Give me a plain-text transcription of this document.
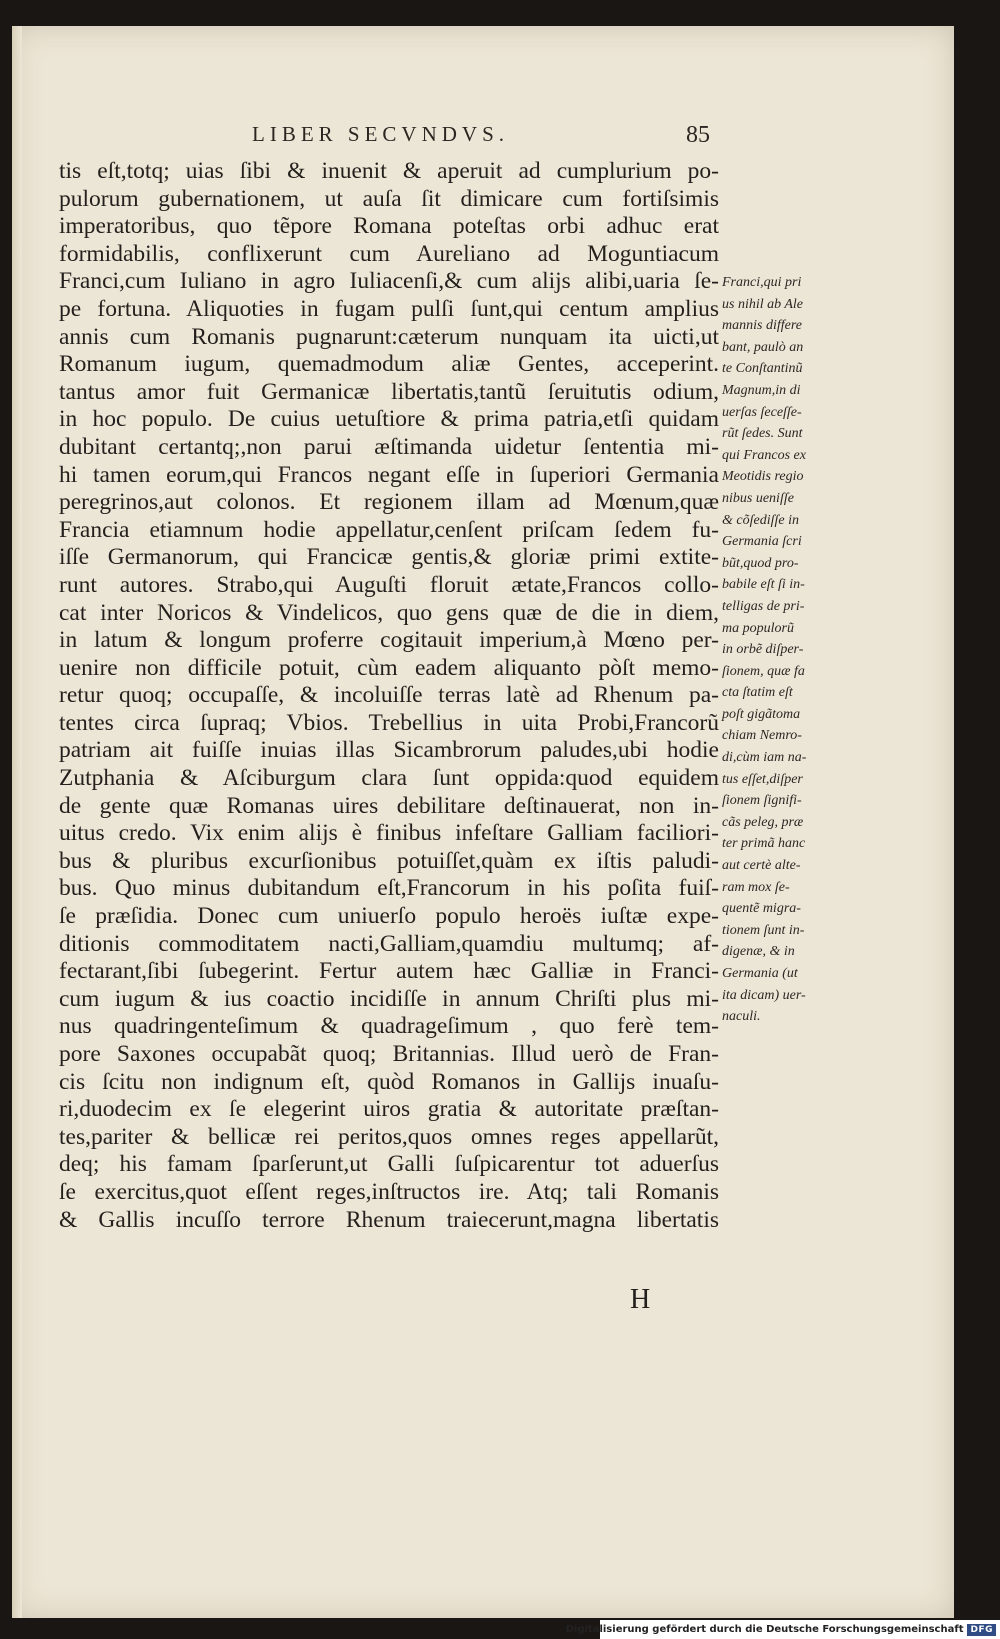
LIBER SECVNDVS.	85
tis eſt,totq; uias ſibi & inuenit & aperuit ad cumplurium po-
pulorum gubernationem, ut auſa ſit dimicare cum fortiſsimis
imperatoribus, quo tẽpore Romana poteſtas orbi adhuc erat
formidabilis, conflixerunt cum Aureliano ad Moguntiacum
Franci,cum Iuliano in agro Iuliacenſi,& cum alijs alibi,uaria ſe-
pe fortuna. Aliquoties in fugam pulſi ſunt,qui centum amplius
annis cum Romanis pugnarunt:cæterum nunquam ita uicti,ut
Romanum iugum, quemadmodum aliæ Gentes, acceperint.
tantus amor fuit Germanicæ libertatis,tantũ ſeruitutis odium,
in hoc populo. De cuius uetuſtiore & prima patria,etſi quidam
dubitant certantq;,non parui æſtimanda uidetur ſententia mi-
hi tamen eorum,qui Francos negant eſſe in ſuperiori Germania
peregrinos,aut colonos. Et regionem illam ad Mœnum,quæ
Francia etiamnum hodie appellatur,cenſent priſcam ſedem fu-
iſſe Germanorum, qui Francicæ gentis,& gloriæ primi extite-
runt autores. Strabo,qui Auguſti floruit ætate,Francos collo-
cat inter Noricos & Vindelicos, quo gens quæ de die in diem,
in latum & longum proferre cogitauit imperium,à Mœno per-
uenire non difficile potuit, cùm eadem aliquanto pòſt memo-
retur quoq; occupaſſe, & incoluiſſe terras latè ad Rhenum pa-
tentes circa ſupraq; Vbios. Trebellius in uita Probi,Francorũ
patriam ait fuiſſe inuias illas Sicambrorum paludes,ubi hodie
Zutphania & Aſciburgum clara ſunt oppida:quod equidem
de gente quæ Romanas uires debilitare deſtinauerat, non in-
uitus credo. Vix enim alijs è finibus infeſtare Galliam faciliori-
bus & pluribus excurſionibus potuiſſet,quàm ex iſtis paludi-
bus. Quo minus dubitandum eſt,Francorum in his poſita fuiſ-
ſe præſidia. Donec cum uniuerſo populo heroës iuſtæ expe-
ditionis commoditatem nacti,Galliam,quamdiu multumq; af-
fectarant,ſibi ſubegerint. Fertur autem hæc Galliæ in Franci-
cum iugum & ius coactio incidiſſe in annum Chriſti plus mi-
nus quadringenteſimum & quadrageſimum , quo ferè tem-
pore Saxones occupabãt quoq; Britannias. Illud uerò de Fran-
cis ſcitu non indignum eſt, quòd Romanos in Gallijs inuaſu-
ri,duodecim ex ſe elegerint uiros gratia & autoritate præſtan-
tes,pariter & bellicæ rei peritos,quos omnes reges appellarũt,
deq; his famam ſparſerunt,ut Galli ſuſpicarentur tot aduerſus
ſe exercitus,quot eſſent reges,inſtructos ire. Atq; tali Romanis
& Gallis incuſſo terrore Rhenum traiecerunt,magna libertatis
Franci,qui pri
us nihil ab Ale
mannis differe
bant, paulò an
te Conſtantinũ
Magnum,in di
uerſas ſeceſſe-
rũt ſedes. Sunt
qui Francos ex
Meotidis regio
nibus ueniſſe
& cõſediſſe in
Germania ſcri
bũt,quod pro-
babile eſt ſi in-
telligas de pri-
ma populorũ
in orbẽ diſper-
ſionem, quæ fa
cta ſtatim eſt
poſt gigãtoma
chiam Nemro-
di,cùm iam na-
tus eſſet,diſper
ſionem ſignifi-
cãs peleg, præ
ter primã hanc
aut certè alte-
ram mox ſe-
quentẽ migra-
tionem ſunt in-
digenæ, & in
Germania (ut
ita dicam) uer-
naculi.
H
Digitalisierung gefördert durch die Deutsche Forschungsgemeinschaft DFG
